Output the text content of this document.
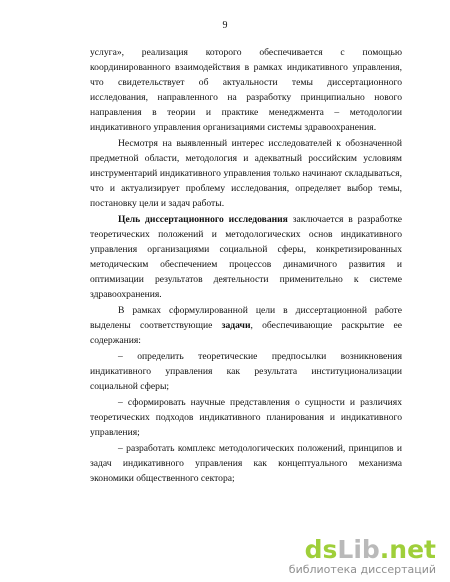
9

услуга», реализация которого обеспечивается с помощью координированного взаимодействия в рамках индикативного управления, что свидетельствует об актуальности темы диссертационного исследования, направленного на разработку принципиально нового направления в теории и практике менеджмента – методологии индикативного управления организациями системы здравоохранения.

Несмотря на выявленный интерес исследователей к обозначенной предметной области, методология и адекватный российским условиям инструментарий индикативного управления только начинают складываться, что и актуализирует проблему исследования, определяет выбор темы, постановку цели и задач работы.

Цель диссертационного исследования заключается в разработке теоретических положений и методологических основ индикативного управления организациями социальной сферы, конкретизированных методическим обеспечением процессов динамичного развития и оптимизации результатов деятельности применительно к системе здравоохранения.

В рамках сформулированной цели в диссертационной работе выделены соответствующие задачи, обеспечивающие раскрытие ее содержания:

– определить теоретические предпосылки возникновения индикативного управления как результата институционализации социальной сферы;

– сформировать научные представления о сущности и различиях теоретических подходов индикативного планирования и индикативного управления;

– разработать комплекс методологических положений, принципов и задач индикативного управления как концептуального механизма экономики общественного сектора;

dsLib.net
библиотека диссертаций
